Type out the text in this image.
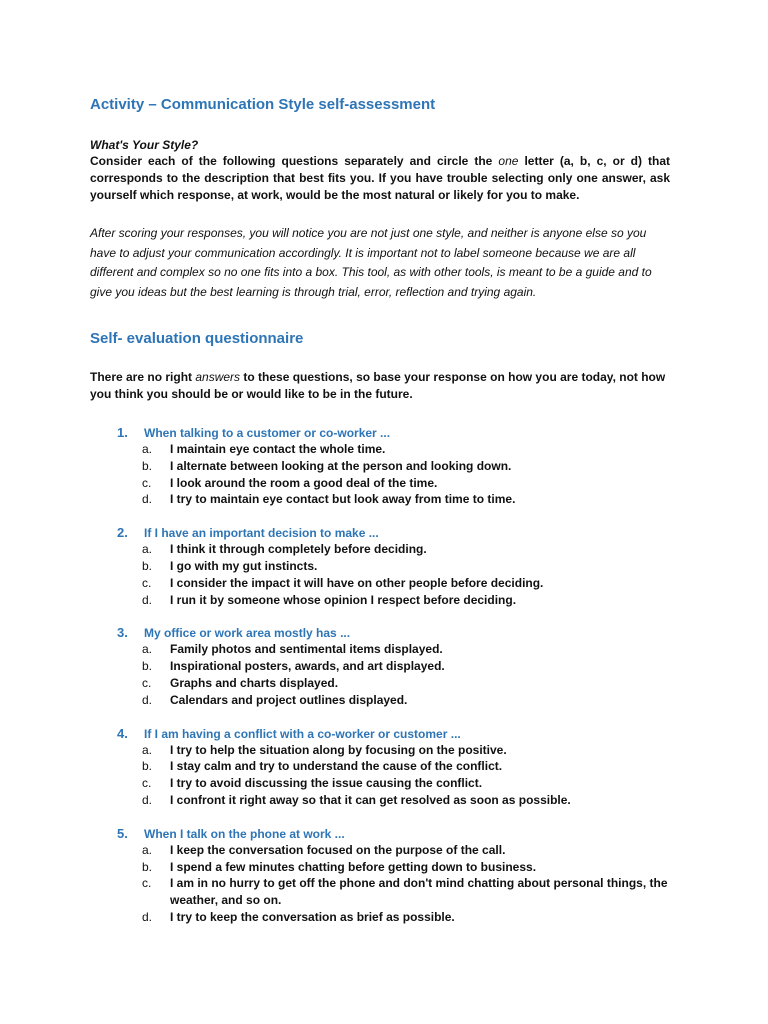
Activity – Communication Style self-assessment

What's Your Style?

Consider each of the following questions separately and circle the one letter (a, b, c, or d) that corresponds to the description that best fits you. If you have trouble selecting only one answer, ask yourself which response, at work, would be the most natural or likely for you to make.

After scoring your responses, you will notice you are not just one style, and neither is anyone else so you have to adjust your communication accordingly. It is important not to label someone because we are all different and complex so no one fits into a box. This tool, as with other tools, is meant to be a guide and to give you ideas but the best learning is through trial, error, reflection and trying again.

Self- evaluation questionnaire

There are no right answers to these questions, so base your response on how you are today, not how you think you should be or would like to be in the future.

1. When talking to a customer or co-worker ...
a. I maintain eye contact the whole time.
b. I alternate between looking at the person and looking down.
c. I look around the room a good deal of the time.
d. I try to maintain eye contact but look away from time to time.
2. If I have an important decision to make ...
a. I think it through completely before deciding.
b. I go with my gut instincts.
c. I consider the impact it will have on other people before deciding.
d. I run it by someone whose opinion I respect before deciding.
3. My office or work area mostly has ...
a. Family photos and sentimental items displayed.
b. Inspirational posters, awards, and art displayed.
c. Graphs and charts displayed.
d. Calendars and project outlines displayed.
4. If I am having a conflict with a co-worker or customer ...
a. I try to help the situation along by focusing on the positive.
b. I stay calm and try to understand the cause of the conflict.
c. I try to avoid discussing the issue causing the conflict.
d. I confront it right away so that it can get resolved as soon as possible.
5. When I talk on the phone at work ...
a. I keep the conversation focused on the purpose of the call.
b. I spend a few minutes chatting before getting down to business.
c. I am in no hurry to get off the phone and don't mind chatting about personal things, the weather, and so on.
d. I try to keep the conversation as brief as possible.
